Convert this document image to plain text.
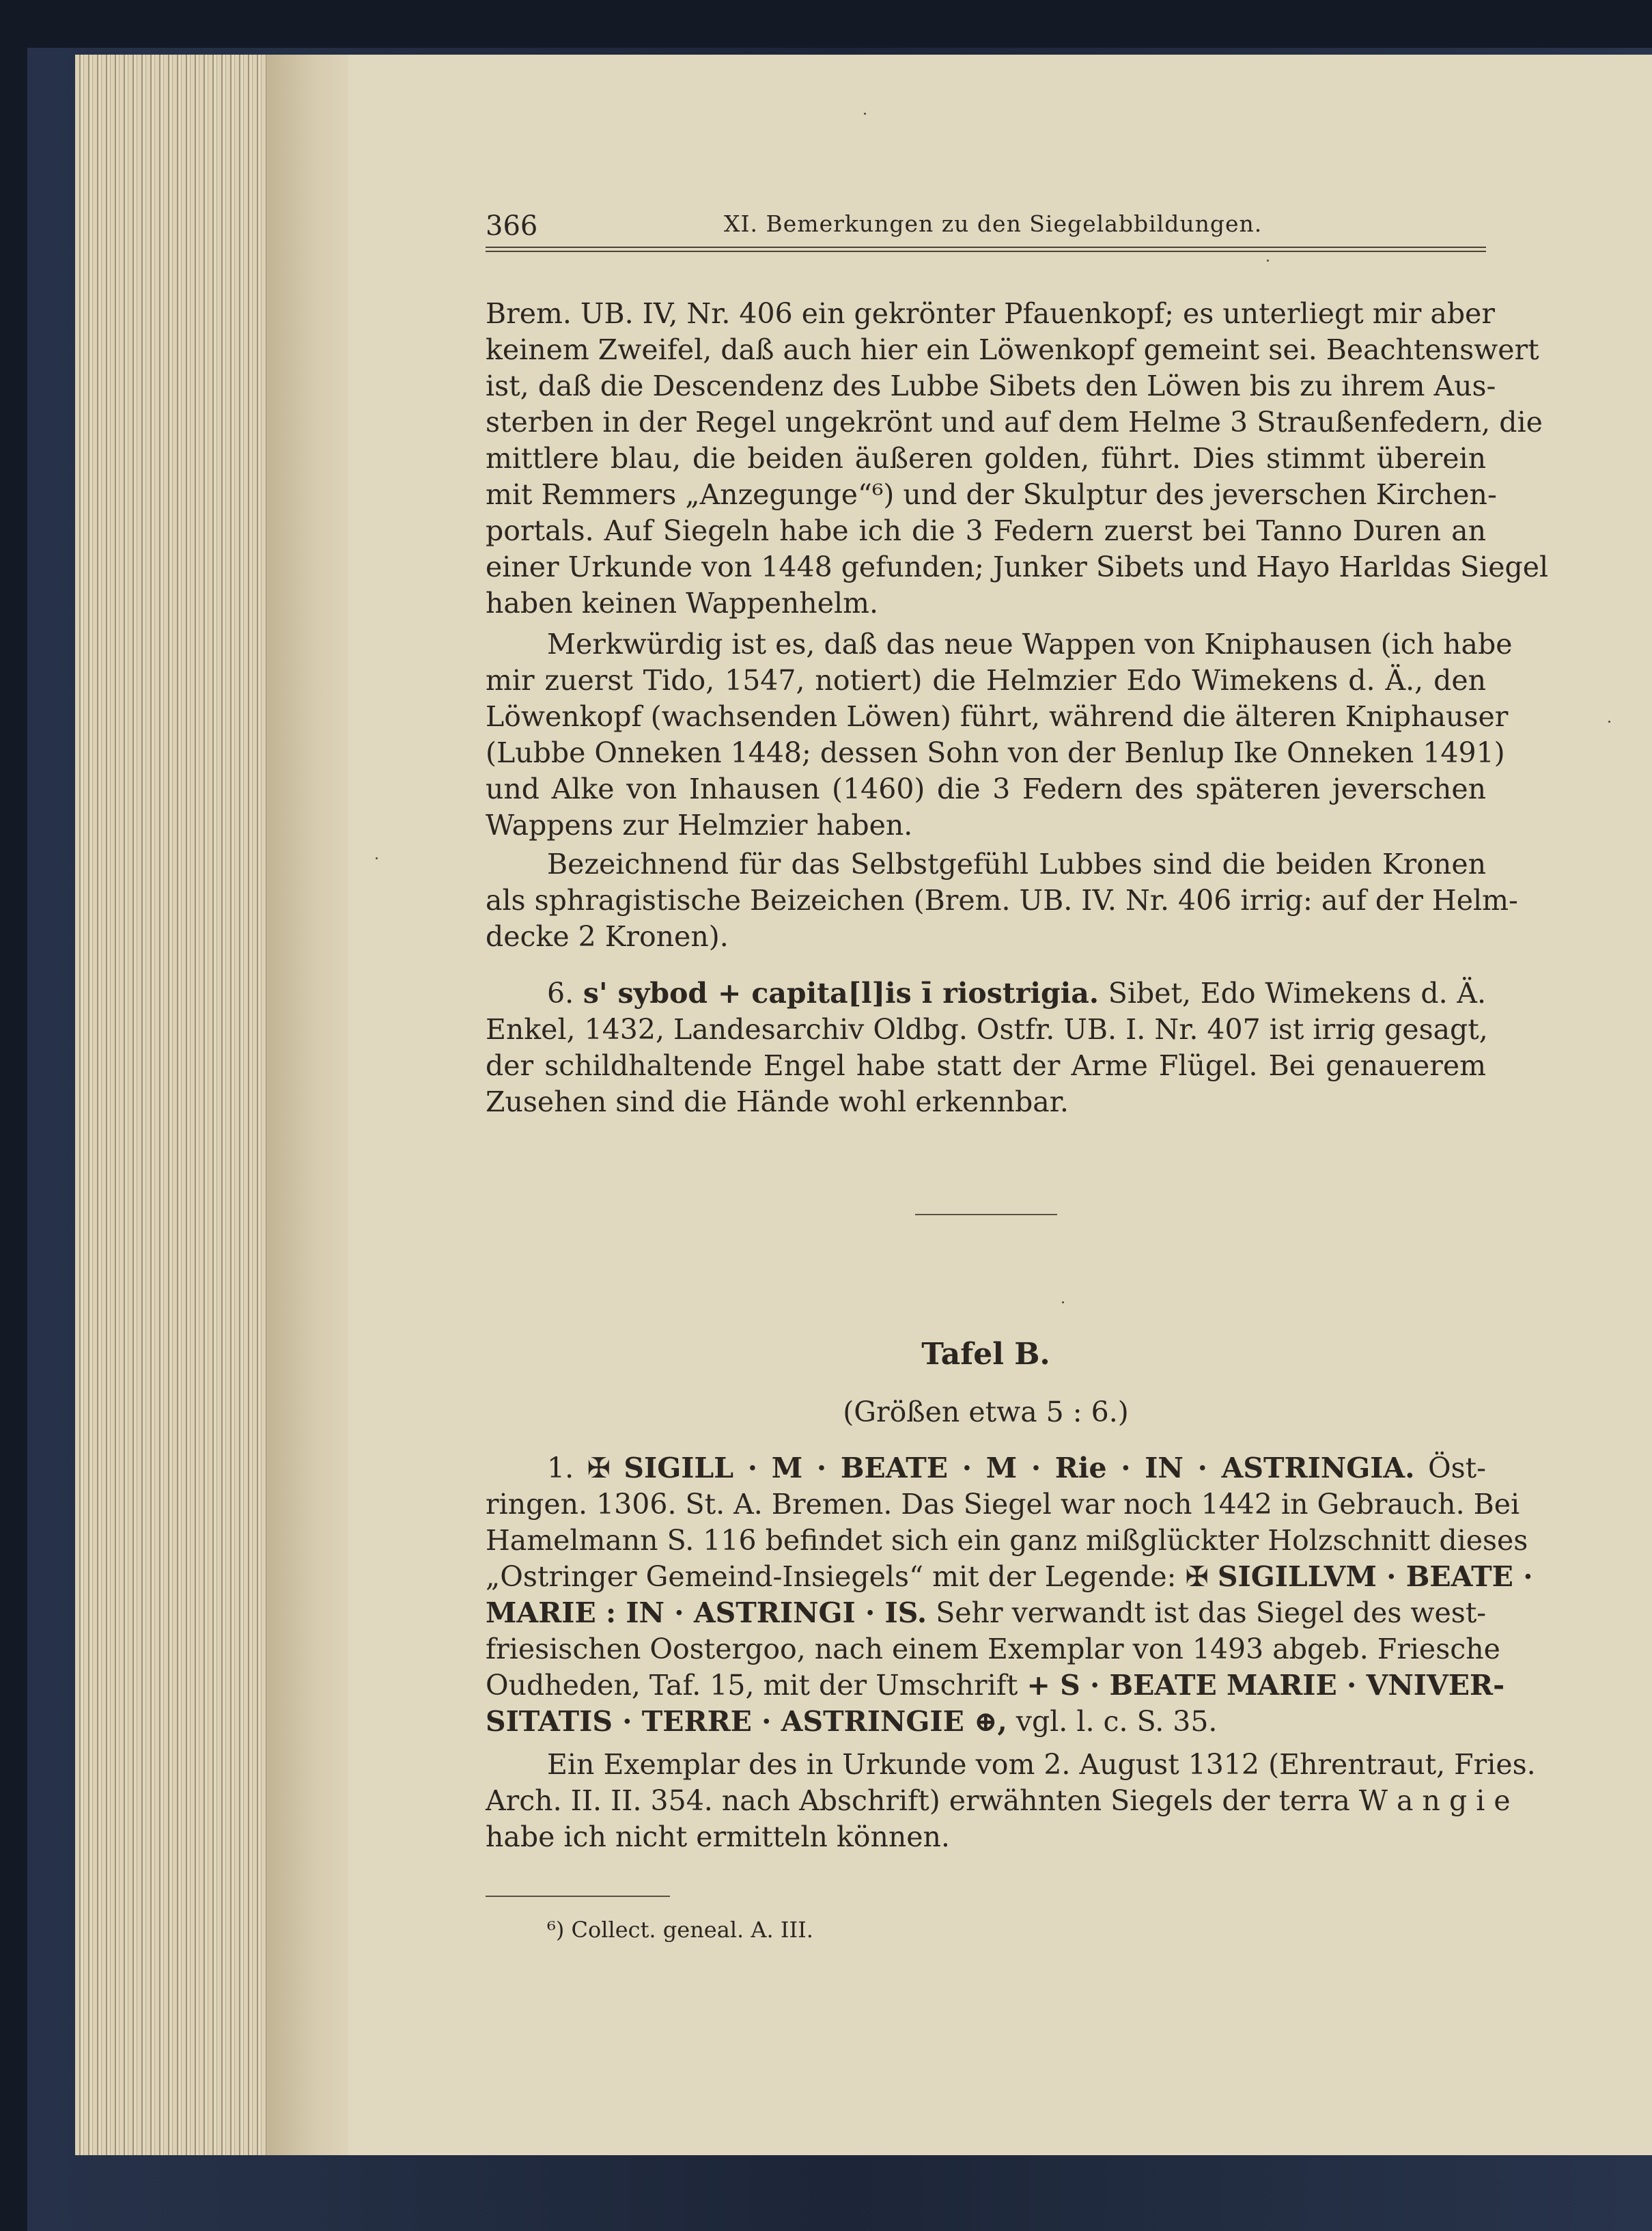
366	XI. Bemerkungen zu den Siegelabbildungen.
Brem. UB. IV, Nr. 406 ein gekrönter Pfauenkopf; es unterliegt mir aber
keinem Zweifel, daß auch hier ein Löwenkopf gemeint sei. Beachtenswert
ist, daß die Descendenz des Lubbe Sibets den Löwen bis zu ihrem Aus-
sterben in der Regel ungekrönt und auf dem Helme 3 Straußenfedern, die
mittlere blau, die beiden äußeren golden, führt. Dies stimmt überein
mit Remmers „Anzegunge“⁶) und der Skulptur des jeverschen Kirchen-
portals. Auf Siegeln habe ich die 3 Federn zuerst bei Tanno Duren an
einer Urkunde von 1448 gefunden; Junker Sibets und Hayo Harldas Siegel
haben keinen Wappenhelm.
Merkwürdig ist es, daß das neue Wappen von Kniphausen (ich habe
mir zuerst Tido, 1547, notiert) die Helmzier Edo Wimekens d. Ä., den
Löwenkopf (wachsenden Löwen) führt, während die älteren Kniphauser
(Lubbe Onneken 1448; dessen Sohn von der Benlup Ike Onneken 1491)
und Alke von Inhausen (1460) die 3 Federn des späteren jeverschen
Wappens zur Helmzier haben.
Bezeichnend für das Selbstgefühl Lubbes sind die beiden Kronen
als sphragistische Beizeichen (Brem. UB. IV. Nr. 406 irrig: auf der Helm-
decke 2 Kronen).
6. s' sybod + capita[l]is ī riostrigia. Sibet, Edo Wimekens d. Ä.
Enkel, 1432, Landesarchiv Oldbg. Ostfr. UB. I. Nr. 407 ist irrig gesagt,
der schildhaltende Engel habe statt der Arme Flügel. Bei genauerem
Zusehen sind die Hände wohl erkennbar.
Tafel B.
(Größen etwa 5 : 6.)
1. ✠ SIGILL · M · BEATE · M · Rie · IN · ASTRINGIA. Öst-
ringen. 1306. St. A. Bremen. Das Siegel war noch 1442 in Gebrauch. Bei
Hamelmann S. 116 befindet sich ein ganz mißglückter Holzschnitt dieses
„Ostringer Gemeind-Insiegels“ mit der Legende: ✠ SIGILLVM · BEATE ·
MARIE : IN · ASTRINGI · IS. Sehr verwandt ist das Siegel des west-
friesischen Oostergoo, nach einem Exemplar von 1493 abgeb. Friesche
Oudheden, Taf. 15, mit der Umschrift + S · BEATE MARIE · VNIVER-
SITATIS · TERRE · ASTRINGIE ⊕, vgl. l. c. S. 35.
Ein Exemplar des in Urkunde vom 2. August 1312 (Ehrentraut, Fries.
Arch. II. II. 354. nach Abschrift) erwähnten Siegels der terra W a n g i e
habe ich nicht ermitteln können.
⁶) Collect. geneal. A. III.
